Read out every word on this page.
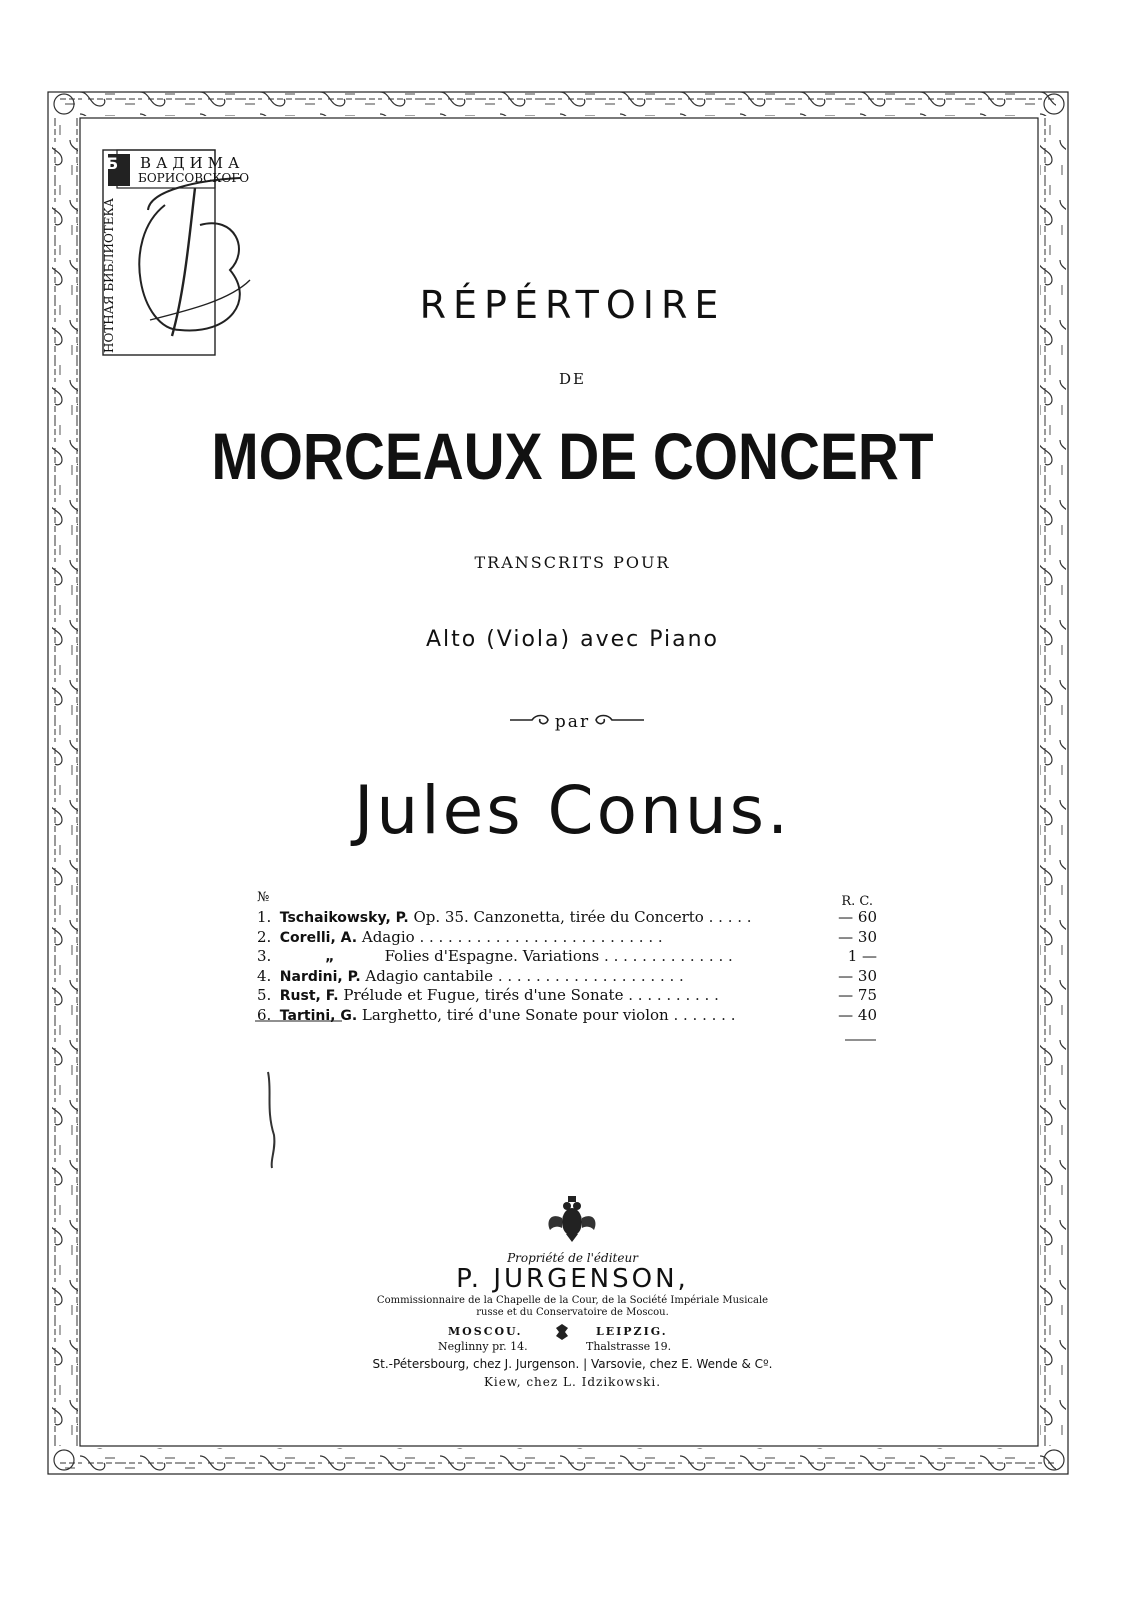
Б ВАДИМА
БОРИСОВСКОГО
НОТНАЯ БИБЛИОТЕКА	RÉPÉRTOIRE
DE
MORCEAUX DE CONCERT
TRANSCRITS POUR
Alto (Viola) avec Piano
par
Jules Conus.
№	R. C.
1. Tschaikowsky, P. Op. 35. Canzonetta, tirée du Concerto . . . . .	— 60
2. Corelli, A. Adagio . . . . . . . . . . . . . . . . . . . . . . . . . .	— 30
3.	„	Folies d'Espagne. Variations . . . . . . . . . . . . . .	1 —
4. Nardini, P. Adagio cantabile . . . . . . . . . . . . . . . . . . . .	— 30
5. Rust, F. Prélude et Fugue, tirés d'une Sonate . . . . . . . . . .	— 75
6. Tartini, G. Larghetto, tiré d'une Sonate pour violon . . . . . . .	— 40
Propriété de l'éditeur
P. JURGENSON,
Commissionnaire de la Chapelle de la Cour, de la Société Impériale Musicale
russe et du Conservatoire de Moscou.
MOSCOU.	LEIPZIG.
Neglinny pr. 14.	Thalstrasse 19.
St.-Pétersbourg, chez J. Jurgenson. | Varsovie, chez E. Wende & Cº.
Kiew, chez L. Idzikowski.
